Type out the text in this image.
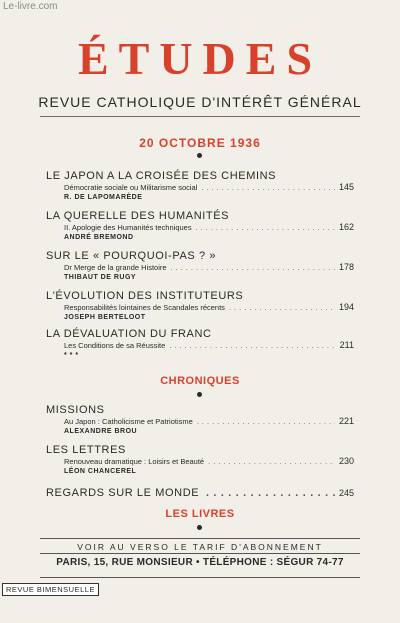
Le-livre.com
ÉTUDES
REVUE CATHOLIQUE D'INTÉRÊT GÉNÉRAL
20 OCTOBRE 1936
LE JAPON A LA CROISÉE DES CHEMINS
Démocratie sociale ou Militarisme social .....	145
R. DE LAPOMARÈDE
LA QUERELLE DES HUMANITÉS
II. Apologie des Humanités techniques .....	162
ANDRÉ BREMOND
SUR LE « POURQUOI-PAS ? »
Dr Merge de la grande Histoire .....	178
THIBAUT DE RUGY
L'ÉVOLUTION DES INSTITUTEURS
Responsabilités lointaines de Scandales récents .....	194
JOSEPH BERTELOOT
LA DÉVALUATION DU FRANC
Les Conditions de sa Réussite .....	211
* * *
CHRONIQUES
MISSIONS
Au Japon : Catholicisme et Patriotisme .....	221
ALEXANDRE BROU
LES LETTRES
Renouveau dramatique : Loisirs et Beauté .....	230
LÉON CHANCEREL
REGARDS SUR LE MONDE .....	245
LES LIVRES
VOIR AU VERSO LE TARIF D'ABONNEMENT
PARIS, 15, RUE MONSIEUR • TÉLÉPHONE : SÉGUR 74-77
REVUE BIMENSUELLE
